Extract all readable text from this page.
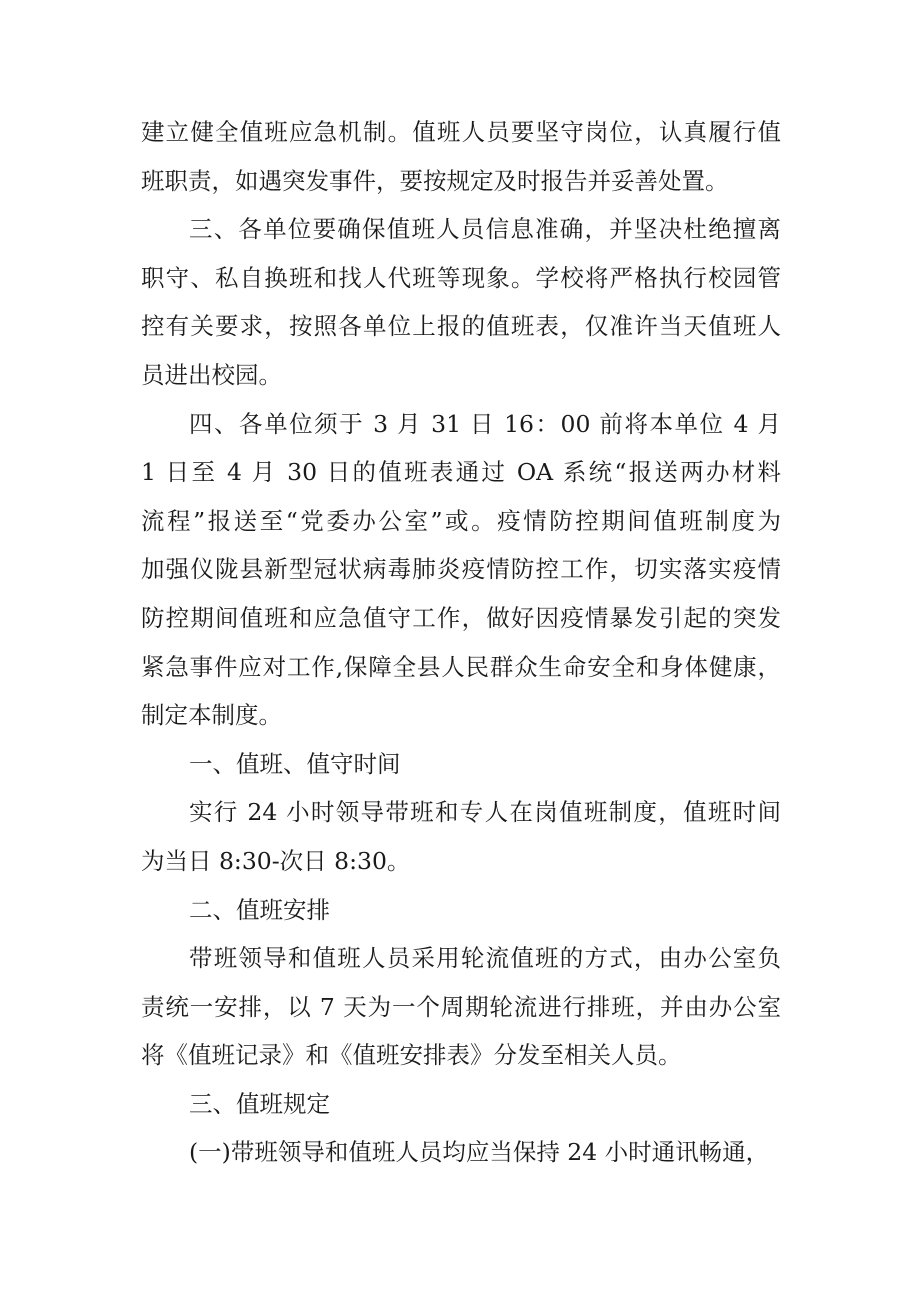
建立健全值班应急机制。值班人员要坚守岗位，认真履行值
班职责，如遇突发事件，要按规定及时报告并妥善处置。
三、各单位要确保值班人员信息准确，并坚决杜绝擅离
职守、私自换班和找人代班等现象。学校将严格执行校园管
控有关要求，按照各单位上报的值班表，仅准许当天值班人
员进出校园。
四、各单位须于 3 月 31 日 16：00 前将本单位 4 月
1 日至 4 月 30 日的值班表通过 OA 系统“报送两办材料
流程”报送至“党委办公室”或。疫情防控期间值班制度为
加强仪陇县新型冠状病毒肺炎疫情防控工作，切实落实疫情
防控期间值班和应急值守工作，做好因疫情暴发引起的突发
紧急事件应对工作,保障全县人民群众生命安全和身体健康，
制定本制度。
一、值班、值守时间
实行 24 小时领导带班和专人在岗值班制度，值班时间
为当日 8:30-次日 8:30。
二、值班安排
带班领导和值班人员采用轮流值班的方式，由办公室负
责统一安排，以 7 天为一个周期轮流进行排班，并由办公室
将《值班记录》和《值班安排表》分发至相关人员。
三、值班规定
(一)带班领导和值班人员均应当保持 24 小时通讯畅通，
